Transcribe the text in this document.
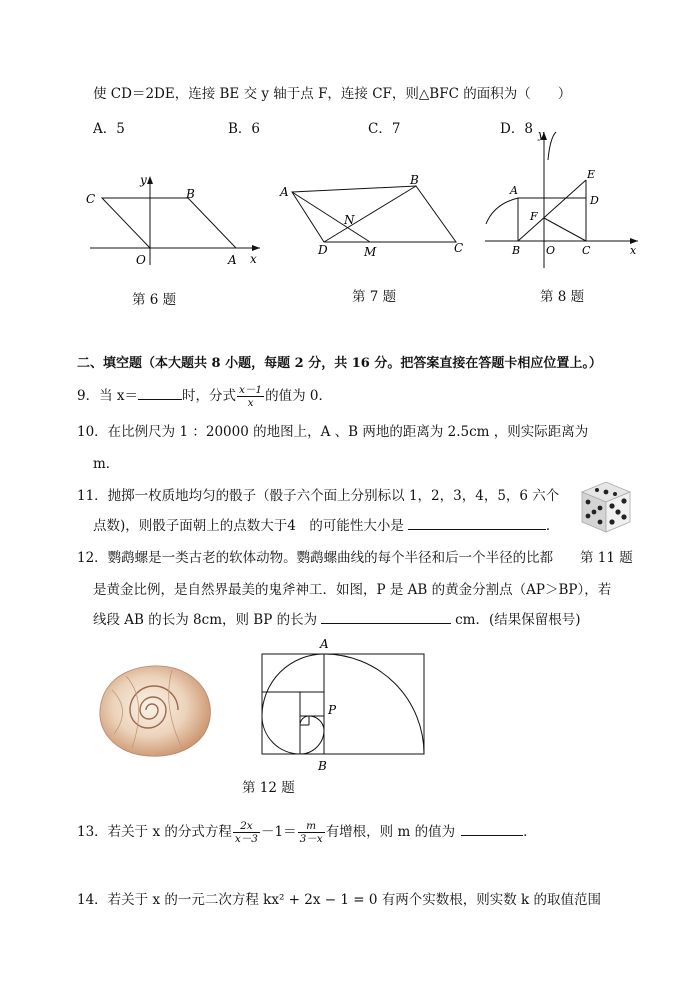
使 CD＝2DE，连接 BE 交 y 轴于点 F，连接 CF，则△BFC 的面积为（　　）
A．5	B．6	C．7	D．8
C	B
O	A x
y
第 6 题
A
B
C
D	M
N
第 7 题
A
B	C
D
E
F
O	x
y
第 8 题
二、填空题（本大题共 8 小题，每题 2 分，共 16 分。把答案直接在答题卡相应位置上。）
9．当 x＝	时，分式 $\frac{x-1}{x}$ 的值为 0．
10．在比例尺为 1 ：20000 的地图上，A 、B 两地的距离为 2.5cm ，则实际距离为
m．
11．抛掷一枚质地均匀的骰子（骰子六个面上分别标以 1，2，3，4，5，6 六个
点数)，则骰子面朝上的点数大于4　的可能性大小是	．
第 11 题
12．鹦鹉螺是一类古老的软体动物。鹦鹉螺曲线的每个半径和后一个半径的比都
是黄金比例，是自然界最美的鬼斧神工．如图，P 是 AB 的黄金分割点（AP＞BP），若
线段 AB 的长为 8cm，则 BP 的长为	cm．(结果保留根号)
A
P
B
第 12 题
13．若关于 x 的分式方程 $\frac{2x}{x-3} -1= \frac{m}{3-x}$ 有增根，则 m 的值为	．
14．若关于 x 的一元二次方程 kx² + 2x − 1 = 0 有两个实数根，则实数 k 的取值范围
